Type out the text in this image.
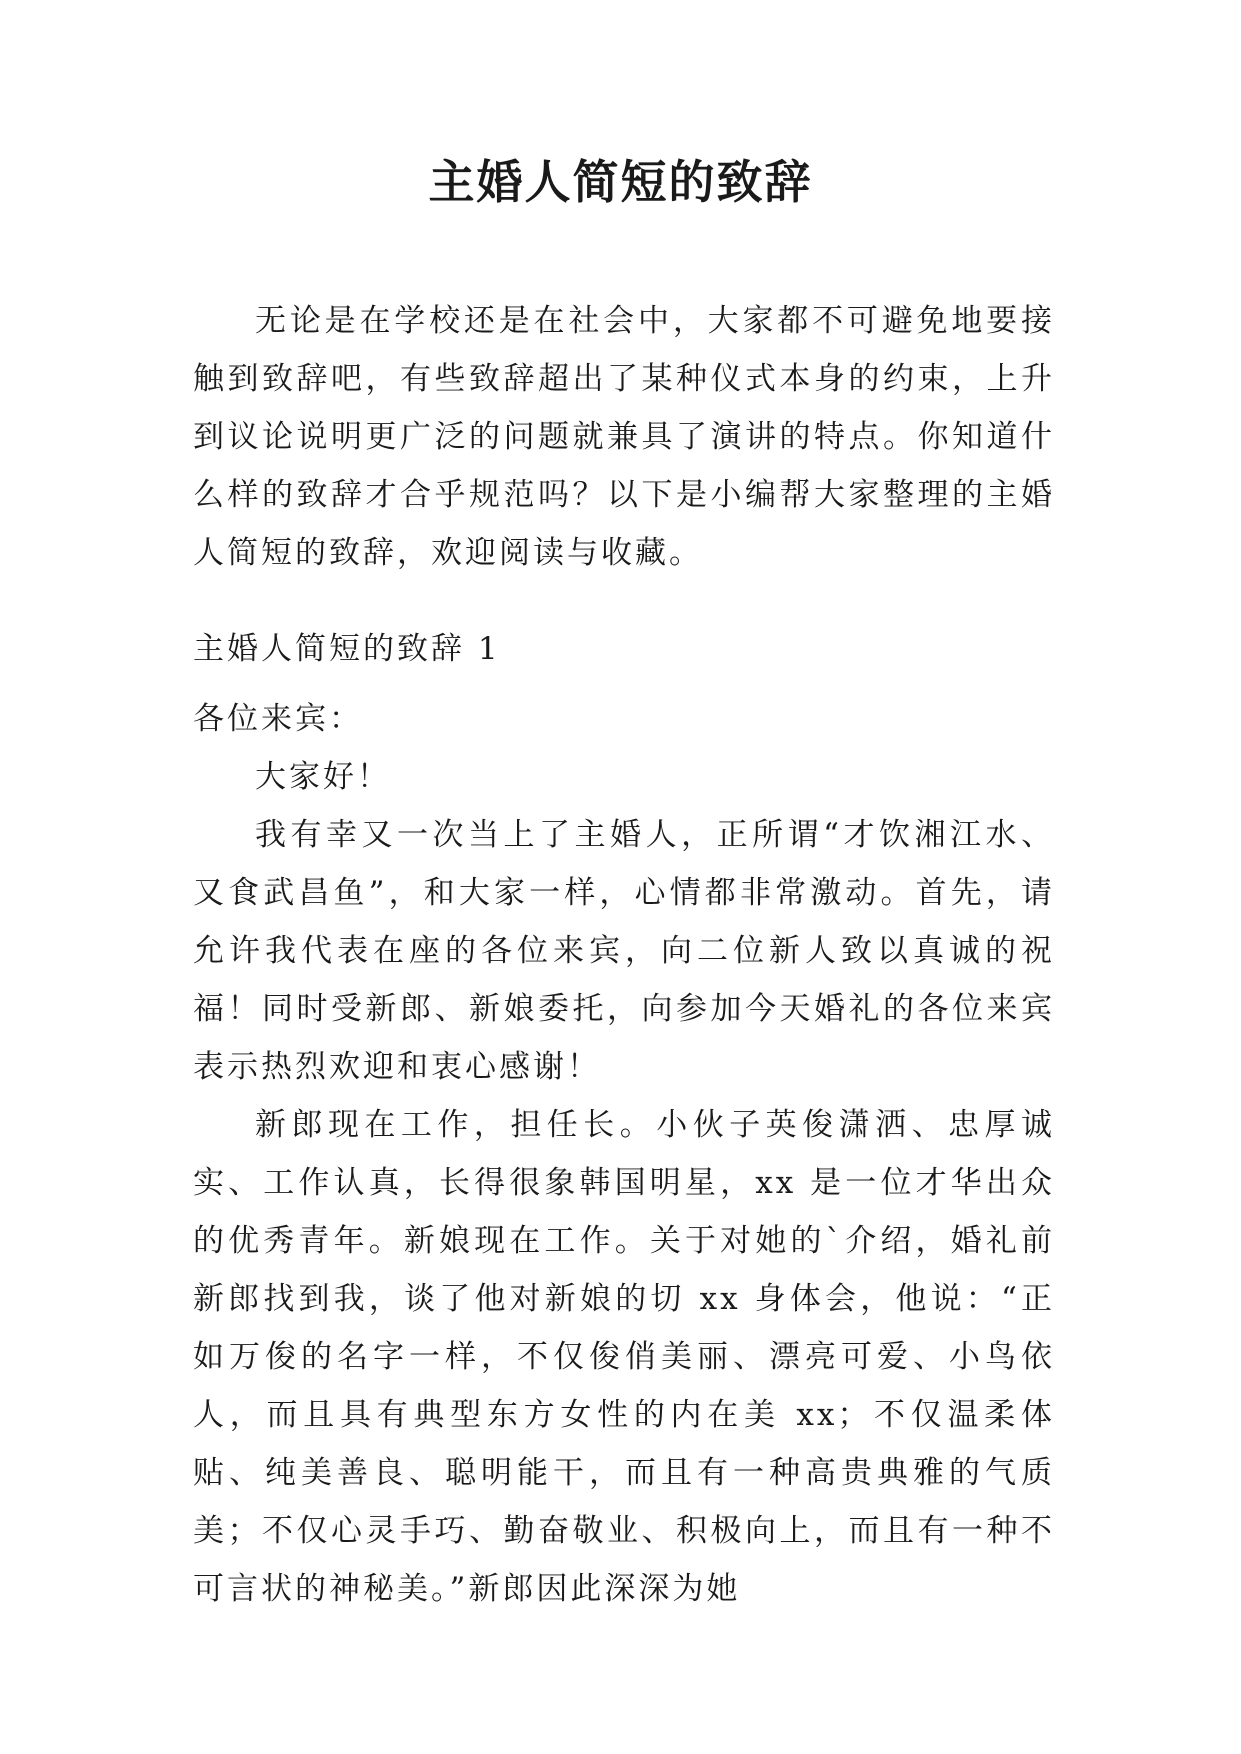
主婚人简短的致辞

无论是在学校还是在社会中，大家都不可避免地要接触到致辞吧，有些致辞超出了某种仪式本身的约束，上升到议论说明更广泛的问题就兼具了演讲的特点。你知道什么样的致辞才合乎规范吗？以下是小编帮大家整理的主婚人简短的致辞，欢迎阅读与收藏。

主婚人简短的致辞 1

各位来宾：

大家好！

我有幸又一次当上了主婚人，正所谓“才饮湘江水、又食武昌鱼”，和大家一样，心情都非常激动。首先，请允许我代表在座的各位来宾，向二位新人致以真诚的祝福！同时受新郎、新娘委托，向参加今天婚礼的各位来宾表示热烈欢迎和衷心感谢！

新郎现在工作，担任长。小伙子英俊潇洒、忠厚诚实、工作认真，长得很象韩国明星，xx 是一位才华出众的优秀青年。新娘现在工作。关于对她的`介绍，婚礼前新郎找到我，谈了他对新娘的切 xx 身体会，他说：“正如万俊的名字一样，不仅俊俏美丽、漂亮可爱、小鸟依人，而且具有典型东方女性的内在美 xx；不仅温柔体贴、纯美善良、聪明能干，而且有一种高贵典雅的气质美；不仅心灵手巧、勤奋敬业、积极向上，而且有一种不可言状的神秘美。”新郎因此深深为她
